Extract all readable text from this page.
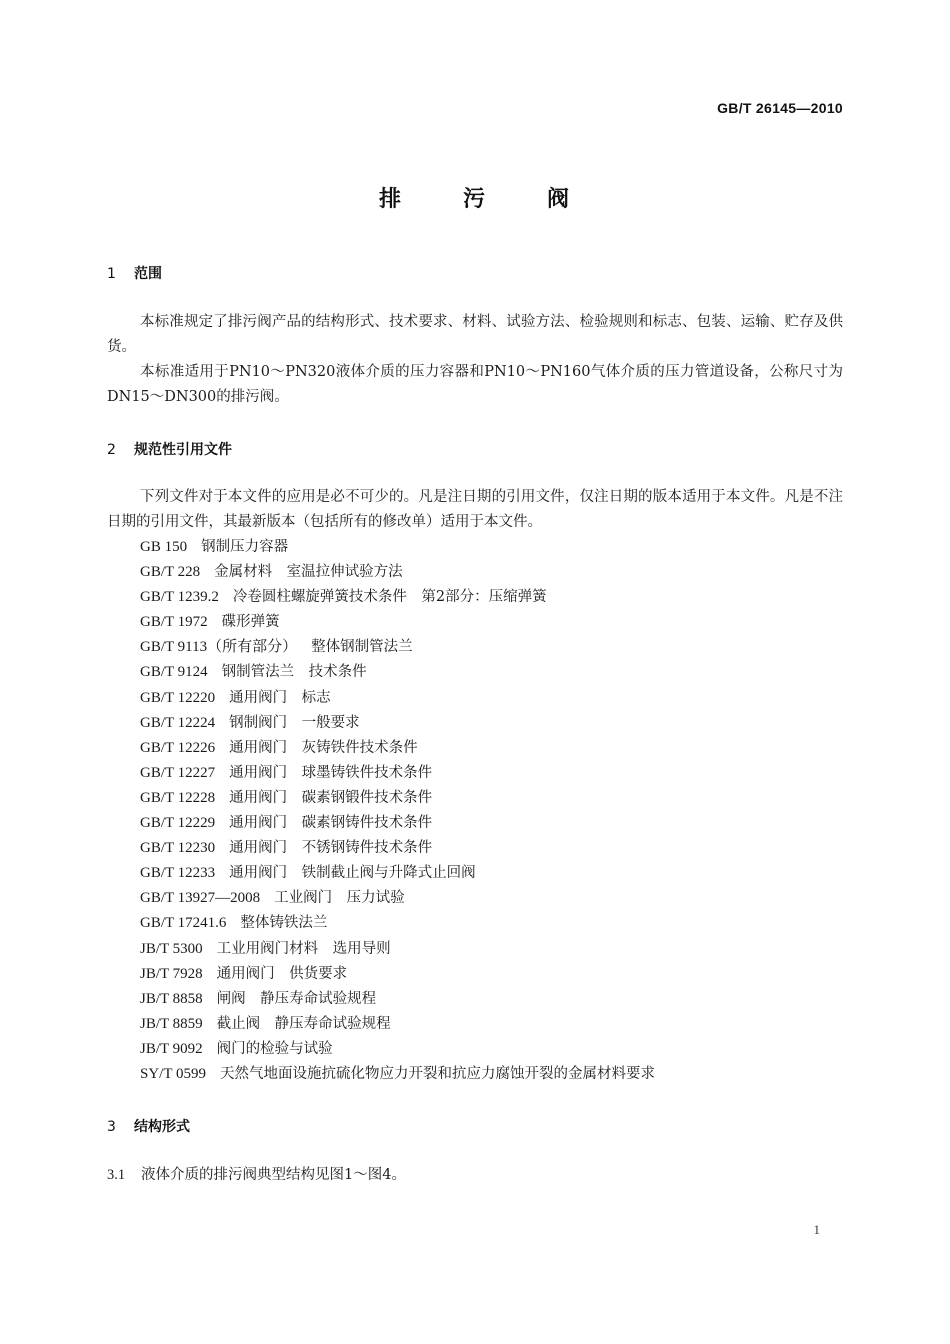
GB/T 26145—2010
排	污	阀
1 范围

本标准规定了排污阀产品的结构形式、技术要求、材料、试验方法、检验规则和标志、包装、运输、贮存及供货。

本标准适用于PN10～PN320液体介质的压力容器和PN10～PN160气体介质的压力管道设备，公称尺寸为DN15～DN300的排污阀。

2 规范性引用文件

下列文件对于本文件的应用是必不可少的。凡是注日期的引用文件，仅注日期的版本适用于本文件。凡是不注日期的引用文件，其最新版本（包括所有的修改单）适用于本文件。

GB 150 钢制压力容器
GB/T 228 金属材料　室温拉伸试验方法
GB/T 1239.2 冷卷圆柱螺旋弹簧技术条件　第2部分：压缩弹簧
GB/T 1972 碟形弹簧
GB/T 9113（所有部分） 整体钢制管法兰
GB/T 9124 钢制管法兰　技术条件
GB/T 12220 通用阀门　标志
GB/T 12224 钢制阀门　一般要求
GB/T 12226 通用阀门　灰铸铁件技术条件
GB/T 12227 通用阀门　球墨铸铁件技术条件
GB/T 12228 通用阀门　碳素钢锻件技术条件
GB/T 12229 通用阀门　碳素钢铸件技术条件
GB/T 12230 通用阀门　不锈钢铸件技术条件
GB/T 12233 通用阀门　铁制截止阀与升降式止回阀
GB/T 13927—2008 工业阀门　压力试验
GB/T 17241.6 整体铸铁法兰
JB/T 5300 工业用阀门材料　选用导则
JB/T 7928 通用阀门　供货要求
JB/T 8858 闸阀　静压寿命试验规程
JB/T 8859 截止阀　静压寿命试验规程
JB/T 9092 阀门的检验与试验
SY/T 0599 天然气地面设施抗硫化物应力开裂和抗应力腐蚀开裂的金属材料要求
3 结构形式
3.1 液体介质的排污阀典型结构见图1～图4。
1
